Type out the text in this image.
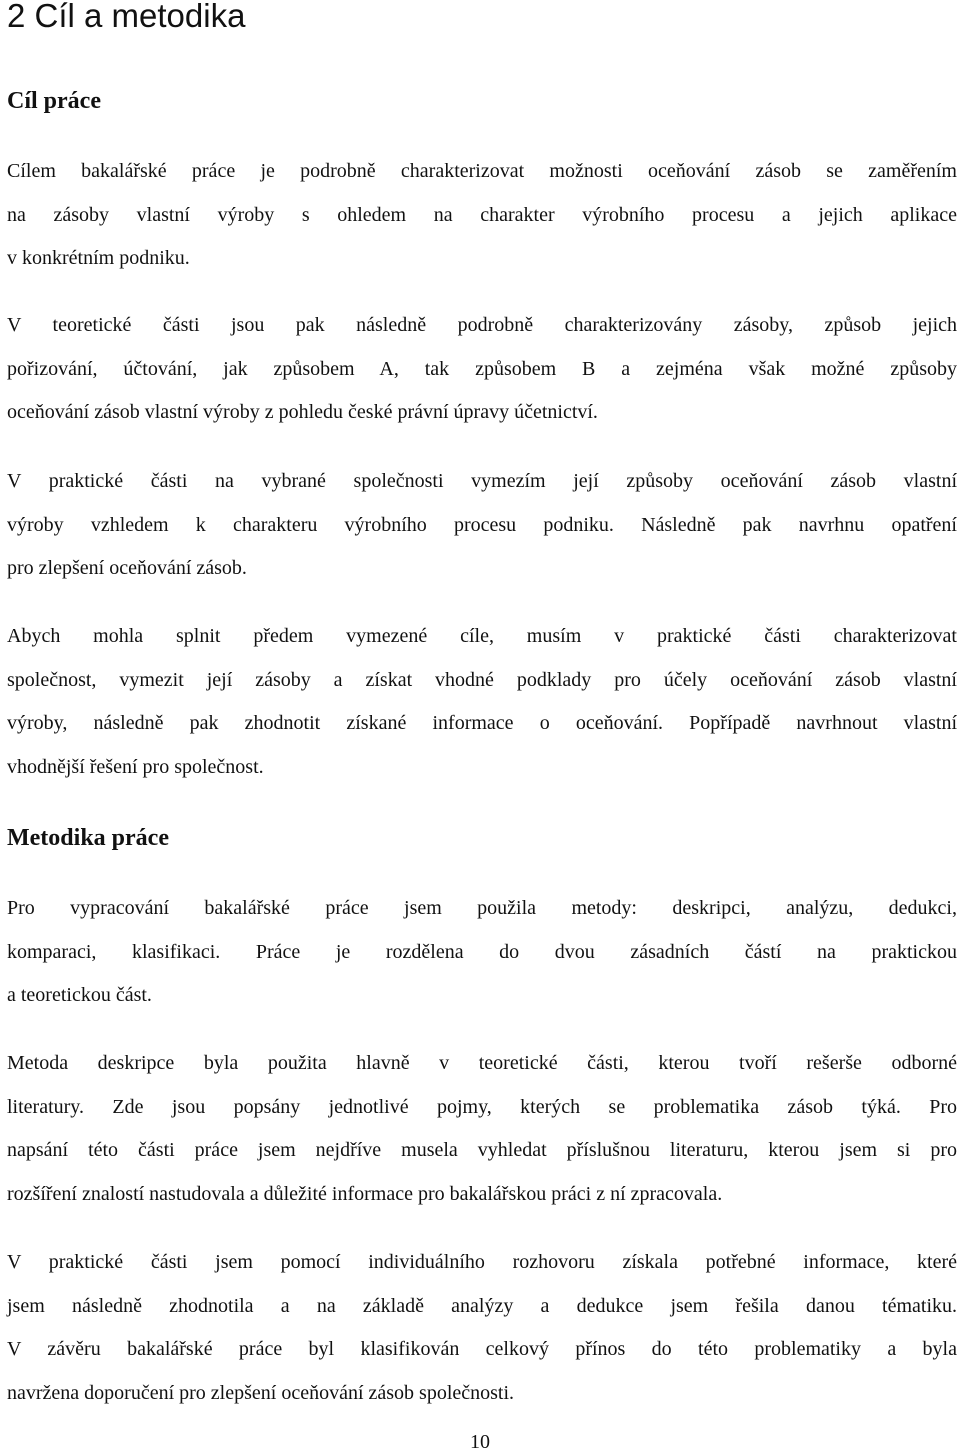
2 Cíl a metodika
Cíl práce
Cílem bakalářské práce je podrobně charakterizovat možnosti oceňování zásob se zaměřením
na zásoby vlastní výroby s ohledem na charakter výrobního procesu a jejich aplikace
v konkrétním podniku.
V teoretické části jsou pak následně podrobně charakterizovány zásoby, způsob jejich
pořizování, účtování, jak způsobem A, tak způsobem B a zejména však možné způsoby
oceňování zásob vlastní výroby z pohledu české právní úpravy účetnictví.
V praktické části na vybrané společnosti vymezím její způsoby oceňování zásob vlastní
výroby vzhledem k charakteru výrobního procesu podniku. Následně pak navrhnu opatření
pro zlepšení oceňování zásob.
Abych mohla splnit předem vymezené cíle, musím v praktické části charakterizovat
společnost, vymezit její zásoby a získat vhodné podklady pro účely oceňování zásob vlastní
výroby, následně pak zhodnotit získané informace o oceňování. Popřípadě navrhnout vlastní
vhodnější řešení pro společnost.
Metodika práce
Pro vypracování bakalářské práce jsem použila metody: deskripci, analýzu, dedukci,
komparaci, klasifikaci. Práce je rozdělena do dvou zásadních částí na praktickou
a teoretickou část.
Metoda deskripce byla použita hlavně v teoretické části, kterou tvoří rešerše odborné
literatury. Zde jsou popsány jednotlivé pojmy, kterých se problematika zásob týká. Pro
napsání této části práce jsem nejdříve musela vyhledat příslušnou literaturu, kterou jsem si pro
rozšíření znalostí nastudovala a důležité informace pro bakalářskou práci z ní zpracovala.
V praktické části jsem pomocí individuálního rozhovoru získala potřebné informace, které
jsem následně zhodnotila a na základě analýzy a dedukce jsem řešila danou tématiku.
V závěru bakalářské práce byl klasifikován celkový přínos do této problematiky a byla
navržena doporučení pro zlepšení oceňování zásob společnosti.
10
